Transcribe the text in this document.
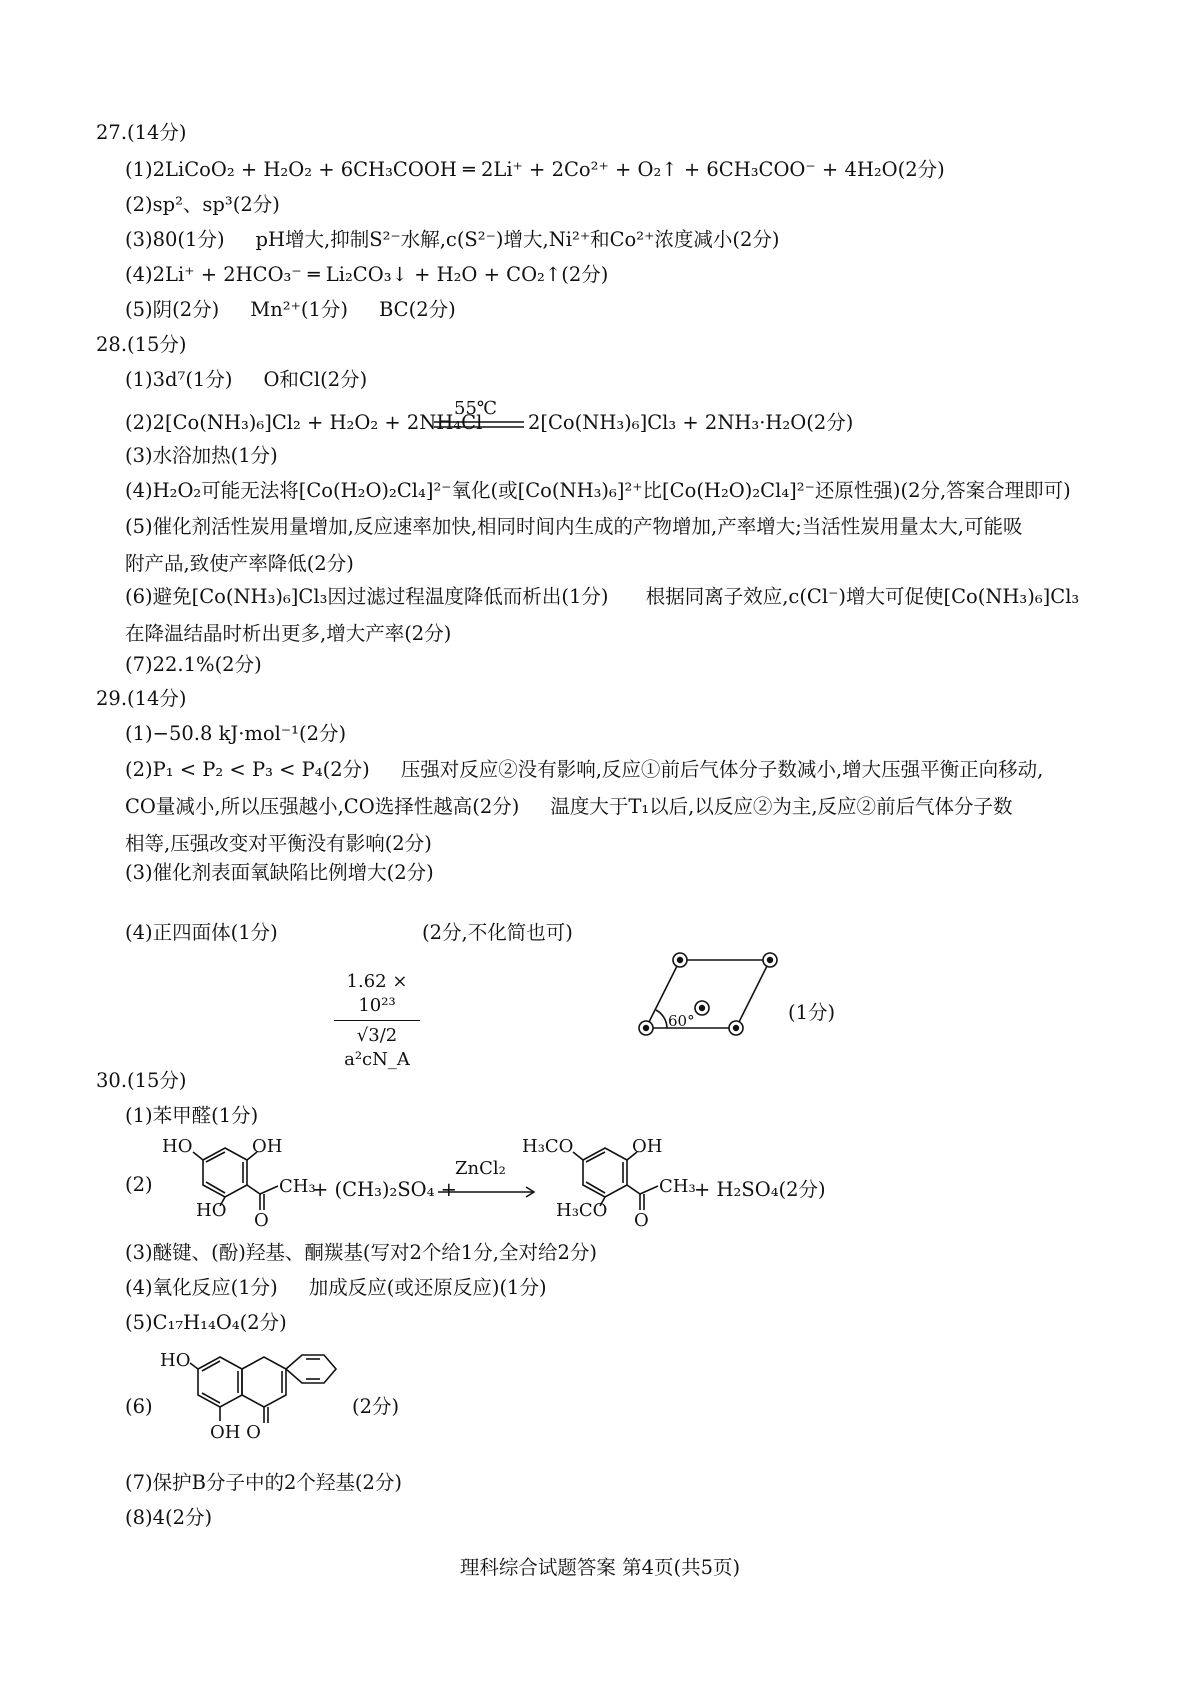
27.(14分)
(1)2LiCoO₂ + H₂O₂ + 6CH₃COOH ═ 2Li⁺ + 2Co²⁺ + O₂↑ + 6CH₃COO⁻ + 4H₂O(2分)
(2)sp²、sp³(2分)
(3)80(1分)     pH增大,抑制S²⁻水解,c(S²⁻)增大,Ni²⁺和Co²⁺浓度减小(2分)
(4)2Li⁺ + 2HCO₃⁻ ═ Li₂CO₃↓ + H₂O + CO₂↑(2分)
(5)阴(2分)     Mn²⁺(1分)     BC(2分)
28.(15分)
(1)3d⁷(1分)     O和Cl(2分)
(2)2[Co(NH₃)₆]Cl₂ + H₂O₂ + 2NH₄Cl
55℃
2[Co(NH₃)₆]Cl₃ + 2NH₃·H₂O(2分)
(3)水浴加热(1分)
(4)H₂O₂可能无法将[Co(H₂O)₂Cl₄]²⁻氧化(或[Co(NH₃)₆]²⁺比[Co(H₂O)₂Cl₄]²⁻还原性强)(2分,答案合理即可)
(5)催化剂活性炭用量增加,反应速率加快,相同时间内生成的产物增加,产率增大;当活性炭用量太大,可能吸
附产品,致使产率降低(2分)
(6)避免[Co(NH₃)₆]Cl₃因过滤过程温度降低而析出(1分)      根据同离子效应,c(Cl⁻)增大可促使[Co(NH₃)₆]Cl₃
在降温结晶时析出更多,增大产率(2分)
(7)22.1%(2分)
29.(14分)
(1)−50.8 kJ·mol⁻¹(2分)
(2)P₁ < P₂ < P₃ < P₄(2分)     压强对反应②没有影响,反应①前后气体分子数减小,增大压强平衡正向移动,
CO量减小,所以压强越小,CO选择性越高(2分)     温度大于T₁以后,以反应②为主,反应②前后气体分子数
相等,压强改变对平衡没有影响(2分)
(3)催化剂表面氧缺陷比例增大(2分)
(4)正四面体(1分)
1.62 × 10²³
√3/2 a²cN_A
(2分,不化简也可)
60°	(1分)
30.(15分)
(1)苯甲醛(1分)
(2)
HO	OH
HO
CH₃
O
+ (CH₃)₂SO₄ +
ZnCl₂
H₃CO	OH
H₃CO
CH₃
O
+ H₂SO₄(2分)
(3)醚键、(酚)羟基、酮羰基(写对2个给1分,全对给2分)
(4)氧化反应(1分)     加成反应(或还原反应)(1分)
(5)C₁₇H₁₄O₄(2分)
(6)
HO
OH O
(2分)
(7)保护B分子中的2个羟基(2分)
(8)4(2分)
理科综合试题答案 第4页(共5页)
